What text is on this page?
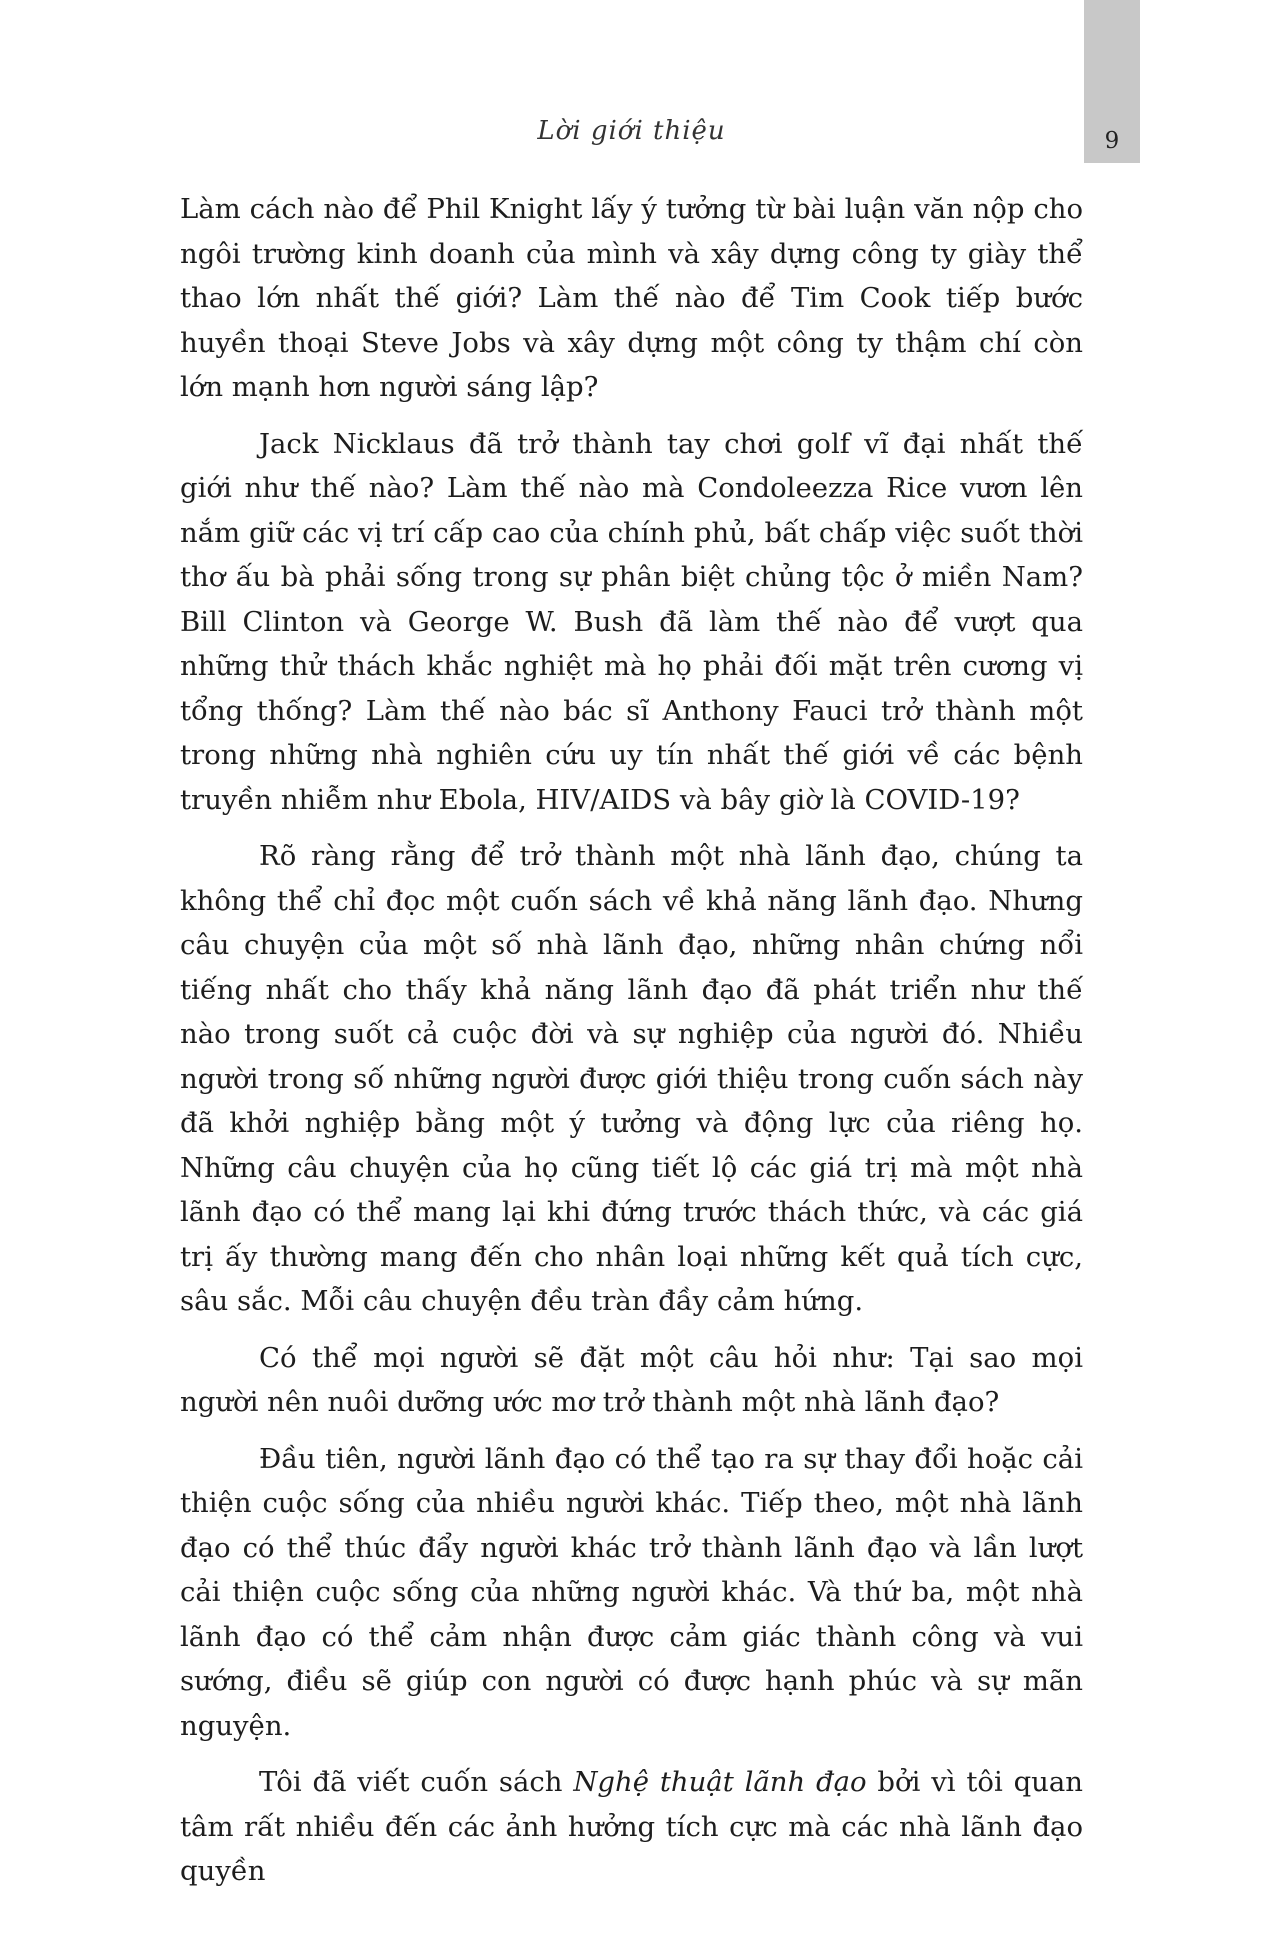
9
Lời giới thiệu

Làm cách nào để Phil Knight lấy ý tưởng từ bài luận văn nộp cho ngôi trường kinh doanh của mình và xây dựng công ty giày thể thao lớn nhất thế giới? Làm thế nào để Tim Cook tiếp bước huyền thoại Steve Jobs và xây dựng một công ty thậm chí còn lớn mạnh hơn người sáng lập?

Jack Nicklaus đã trở thành tay chơi golf vĩ đại nhất thế giới như thế nào? Làm thế nào mà Condoleezza Rice vươn lên nắm giữ các vị trí cấp cao của chính phủ, bất chấp việc suốt thời thơ ấu bà phải sống trong sự phân biệt chủng tộc ở miền Nam? Bill Clinton và George W. Bush đã làm thế nào để vượt qua những thử thách khắc nghiệt mà họ phải đối mặt trên cương vị tổng thống? Làm thế nào bác sĩ Anthony Fauci trở thành một trong những nhà nghiên cứu uy tín nhất thế giới về các bệnh truyền nhiễm như Ebola, HIV/AIDS và bây giờ là COVID-19?

Rõ ràng rằng để trở thành một nhà lãnh đạo, chúng ta không thể chỉ đọc một cuốn sách về khả năng lãnh đạo. Nhưng câu chuyện của một số nhà lãnh đạo, những nhân chứng nổi tiếng nhất cho thấy khả năng lãnh đạo đã phát triển như thế nào trong suốt cả cuộc đời và sự nghiệp của người đó. Nhiều người trong số những người được giới thiệu trong cuốn sách này đã khởi nghiệp bằng một ý tưởng và động lực của riêng họ. Những câu chuyện của họ cũng tiết lộ các giá trị mà một nhà lãnh đạo có thể mang lại khi đứng trước thách thức, và các giá trị ấy thường mang đến cho nhân loại những kết quả tích cực, sâu sắc. Mỗi câu chuyện đều tràn đầy cảm hứng.

Có thể mọi người sẽ đặt một câu hỏi như: Tại sao mọi người nên nuôi dưỡng ước mơ trở thành một nhà lãnh đạo?

Đầu tiên, người lãnh đạo có thể tạo ra sự thay đổi hoặc cải thiện cuộc sống của nhiều người khác. Tiếp theo, một nhà lãnh đạo có thể thúc đẩy người khác trở thành lãnh đạo và lần lượt cải thiện cuộc sống của những người khác. Và thứ ba, một nhà lãnh đạo có thể cảm nhận được cảm giác thành công và vui sướng, điều sẽ giúp con người có được hạnh phúc và sự mãn nguyện.

Tôi đã viết cuốn sách Nghệ thuật lãnh đạo bởi vì tôi quan tâm rất nhiều đến các ảnh hưởng tích cực mà các nhà lãnh đạo quyền
